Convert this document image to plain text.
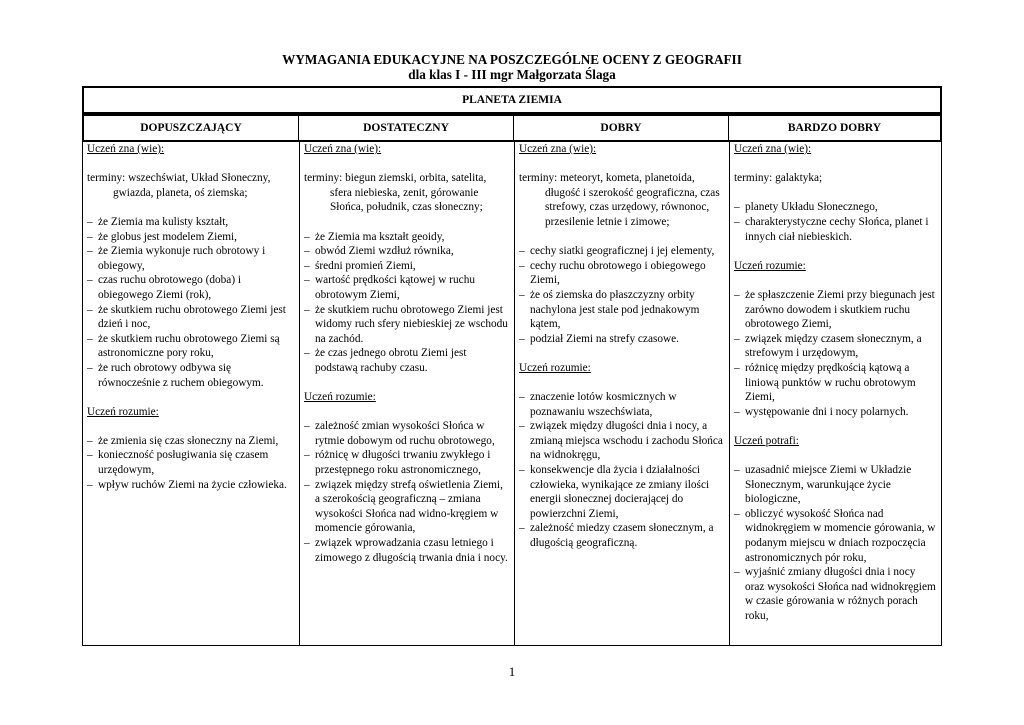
WYMAGANIA EDUKACYJNE NA POSZCZEGÓLNE OCENY Z GEOGRAFII
dla klas I - III mgr Małgorzata Ślaga
PLANETA ZIEMIA
DOPUSZCZAJĄCY	DOSTATECZNY	DOBRY	BARDZO DOBRY
Uczeń zna (wie):
terminy: wszechświat, Układ Słoneczny, gwiazda, planeta, oś ziemska;
– że Ziemia ma kulisty kształt,
– że globus jest modelem Ziemi,
– że Ziemia wykonuje ruch obrotowy i obiegowy,
– czas ruchu obrotowego (doba) i obiegowego Ziemi (rok),
– że skutkiem ruchu obrotowego Ziemi jest dzień i noc,
– że skutkiem ruchu obrotowego Ziemi są astronomiczne pory roku,
– że ruch obrotowy odbywa się równocześnie z ruchem obiegowym.
Uczeń rozumie:
– że zmienia się czas słoneczny na Ziemi,
– konieczność posługiwania się czasem urzędowym,
– wpływ ruchów Ziemi na życie człowieka.
Uczeń zna (wie):
terminy: biegun ziemski, orbita, satelita, sfera niebieska, zenit, górowanie Słońca, południk, czas słoneczny;
– że Ziemia ma kształt geoidy,
– obwód Ziemi wzdłuż równika,
– średni promień Ziemi,
– wartość prędkości kątowej w ruchu obrotowym Ziemi,
– że skutkiem ruchu obrotowego Ziemi jest widomy ruch sfery niebieskiej ze wschodu na zachód.
– że czas jednego obrotu Ziemi jest podstawą rachuby czasu.
Uczeń rozumie:
– zależność zmian wysokości Słońca w rytmie dobowym od ruchu obrotowego,
– różnicę w długości trwaniu zwykłego i przestępnego roku astronomicznego,
– związek między strefą oświetlenia Ziemi, a szerokością geograficzną – zmiana wysokości Słońca nad widno-kręgiem w momencie górowania,
– związek wprowadzania czasu letniego i zimowego z długością trwania dnia i nocy.
Uczeń zna (wie):
terminy: meteoryt, kometa, planetoida, długość i szerokość geograficzna, czas strefowy, czas urzędowy, równonoc, przesilenie letnie i zimowe;
– cechy siatki geograficznej i jej elementy,
– cechy ruchu obrotowego i obiegowego Ziemi,
– że oś ziemska do płaszczyzny orbity nachylona jest stale pod jednakowym kątem,
– podział Ziemi na strefy czasowe.
Uczeń rozumie:
– znaczenie lotów kosmicznych w poznawaniu wszechświata,
– związek między długości dnia i nocy, a zmianą miejsca wschodu i zachodu Słońca na widnokręgu,
– konsekwencje dla życia i działalności człowieka, wynikające ze zmiany ilości energii słonecznej docierającej do powierzchni Ziemi,
– zależność miedzy czasem słonecznym, a długością geograficzną.
Uczeń zna (wie):
terminy: galaktyka;
– planety Układu Słonecznego,
– charakterystyczne cechy Słońca, planet i innych ciał niebieskich.
Uczeń rozumie:
– że spłaszczenie Ziemi przy biegunach jest zarówno dowodem i skutkiem ruchu obrotowego Ziemi,
– związek między czasem słonecznym, a strefowym i urzędowym,
– różnicę między prędkością kątową a liniową punktów w ruchu obrotowym Ziemi,
– występowanie dni i nocy polarnych.
Uczeń potrafi:
– uzasadnić miejsce Ziemi w Układzie Słonecznym, warunkujące życie biologiczne,
– obliczyć wysokość Słońca nad widnokręgiem w momencie górowania, w podanym miejscu w dniach rozpoczęcia astronomicznych pór roku,
– wyjaśnić zmiany długości dnia i nocy oraz wysokości Słońca nad widnokręgiem w czasie górowania w różnych porach roku,
1
